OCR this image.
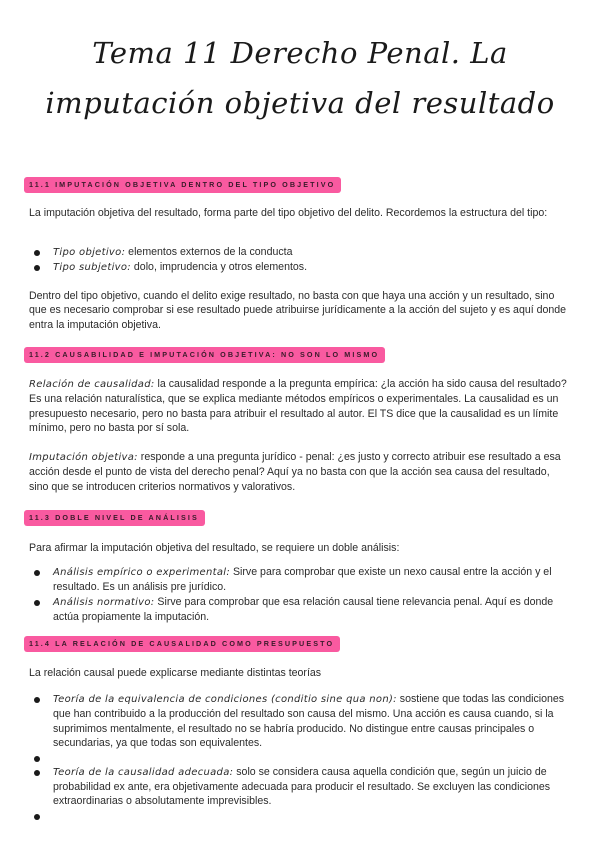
Tema 11 Derecho Penal. La imputación objetiva del resultado
11.1 IMPUTACIÓN OBJETIVA DENTRO DEL TIPO OBJETIVO

La imputación objetiva del resultado, forma parte del tipo objetivo del delito. Recordemos la estructura del tipo:

Tipo objetivo: elementos externos de la conducta
Tipo subjetivo: dolo, imprudencia y otros elementos.

Dentro del tipo objetivo, cuando el delito exige resultado, no basta con que haya una acción y un resultado, sino que es necesario comprobar si ese resultado puede atribuirse jurídicamente a la acción del sujeto y es aquí donde entra la imputación objetiva.

11.2 CAUSABILIDAD E IMPUTACIÓN OBJETIVA: NO SON LO MISMO

Relación de causalidad: la causalidad responde a la pregunta empírica: ¿la acción ha sido causa del resultado? Es una relación naturalística, que se explica mediante métodos empíricos o experimentales. La causalidad es un presupuesto necesario, pero no basta para atribuir el resultado al autor. El TS dice que la causalidad es un límite mínimo, pero no basta por sí sola.

Imputación objetiva: responde a una pregunta jurídico - penal: ¿es justo y correcto atribuir ese resultado a esa acción desde el punto de vista del derecho penal? Aquí ya no basta con que la acción sea causa del resultado, sino que se introducen criterios normativos y valorativos.

11.3 DOBLE NIVEL DE ANÁLISIS

Para afirmar la imputación objetiva del resultado, se requiere un doble análisis:

Análisis empírico o experimental: Sirve para comprobar que existe un nexo causal entre la acción y el resultado. Es un análisis pre jurídico.
Análisis normativo: Sirve para comprobar que esa relación causal tiene relevancia penal. Aquí es donde actúa propiamente la imputación.
11.4 LA RELACIÓN DE CAUSALIDAD COMO PRESUPUESTO

La relación causal puede explicarse mediante distintas teorías

Teoría de la equivalencia de condiciones (conditio sine qua non): sostiene que todas las condiciones que han contribuido a la producción del resultado son causa del mismo. Una acción es causa cuando, si la suprimimos mentalmente, el resultado no se habría producido. No distingue entre causas principales o secundarias, ya que todas son equivalentes.
Teoría de la causalidad adecuada: solo se considera causa aquella condición que, según un juicio de probabilidad ex ante, era objetivamente adecuada para producir el resultado. Se excluyen las condiciones extraordinarias o absolutamente imprevisibles.
